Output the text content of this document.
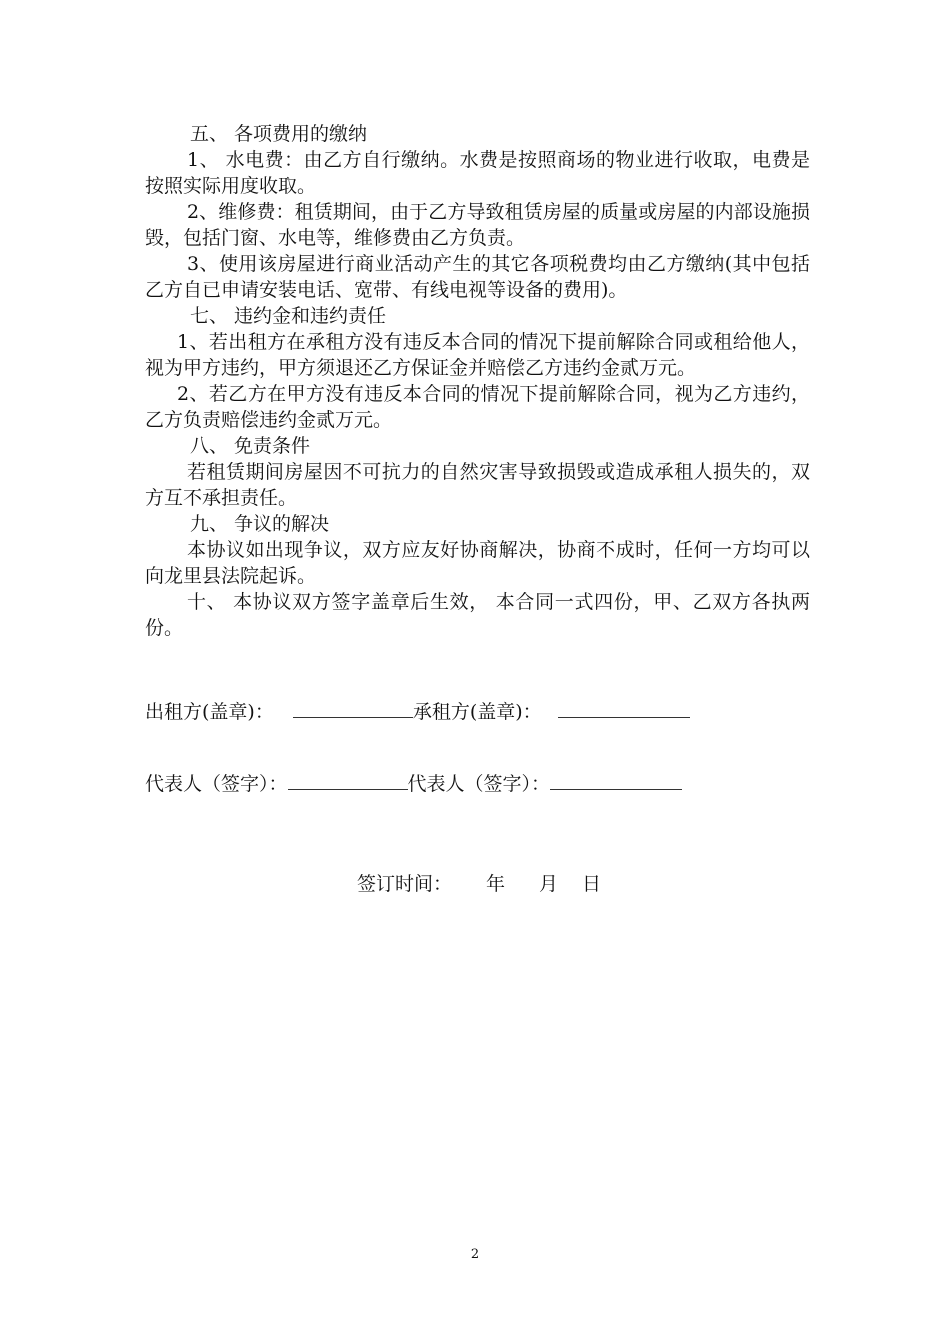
五、 各项费用的缴纳

1、 水电费：由乙方自行缴纳。水费是按照商场的物业进行收取，电费是按照实际用度收取。

2、维修费：租赁期间，由于乙方导致租赁房屋的质量或房屋的内部设施损毁，包括门窗、水电等，维修费由乙方负责。

3、使用该房屋进行商业活动产生的其它各项税费均由乙方缴纳(其中包括乙方自已申请安装电话、宽带、有线电视等设备的费用)。

七、 违约金和违约责任

1、若出租方在承租方没有违反本合同的情况下提前解除合同或租给他人，视为甲方违约，甲方须退还乙方保证金并赔偿乙方违约金贰万元。

2、若乙方在甲方没有违反本合同的情况下提前解除合同，视为乙方违约，乙方负责赔偿违约金贰万元。

八、 免责条件

若租赁期间房屋因不可抗力的自然灾害导致损毁或造成承租人损失的，双方互不承担责任。

九、 争议的解决

本协议如出现争议，双方应友好协商解决，协商不成时，任何一方均可以向龙里县法院起诉。

十、 本协议双方签字盖章后生效， 本合同一式四份，甲、乙双方各执两份。

出租方(盖章)：	承租方(盖章)：
代表人（签字）：	代表人（签字）：
签订时间： 年 月 日
2
